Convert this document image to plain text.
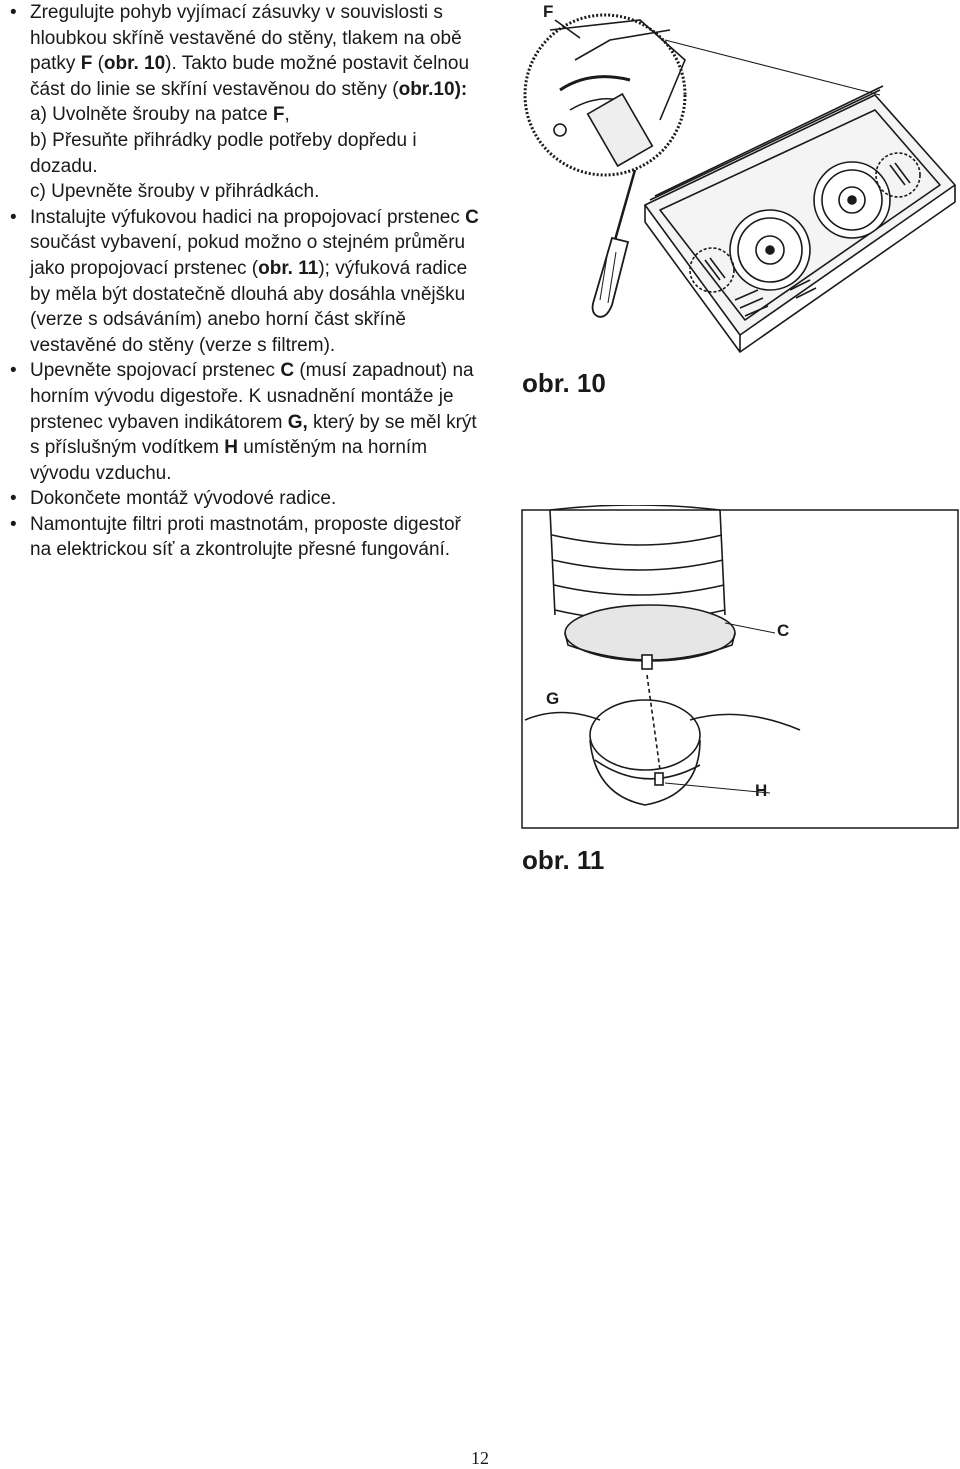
• Zregulujte pohyb vyjímací zásuvky v souvislosti s hloubkou skříně vestavěné do stěny, tlakem na obě patky F (obr. 10). Takto bude možné postavit čelnou část do linie se skříní vestavěnou do stěny (obr.10):
a) Uvolněte šrouby na patce F,
b) Přesuňte přihrádky podle potřeby dopředu i dozadu.
c) Upevněte šrouby v přihrádkách.
• Instalujte výfukovou hadici na propojovací prstenec C součást vybavení, pokud možno o stejném průměru jako propojovací prstenec (obr. 11); výfuková radice by měla být dostatečně dlouhá aby dosáhla vnějšku (verze s odsáváním) anebo horní část skříně vestavěné do stěny (verze s filtrem).
• Upevněte spojovací prstenec C (musí zapadnout) na horním vývodu digestoře. K usnadnění montáže je prstenec vybaven indikátorem G, který by se měl krýt s příslušným vodítkem H umístěným na horním vývodu vzduchu.
• Dokončete montáž vývodové radice.
• Namontujte filtri proti mastnotám, proposte digestoř na elektrickou síť a zkontrolujte přesné fungování.
F
obr. 10
C
G
H
obr. 11
12
